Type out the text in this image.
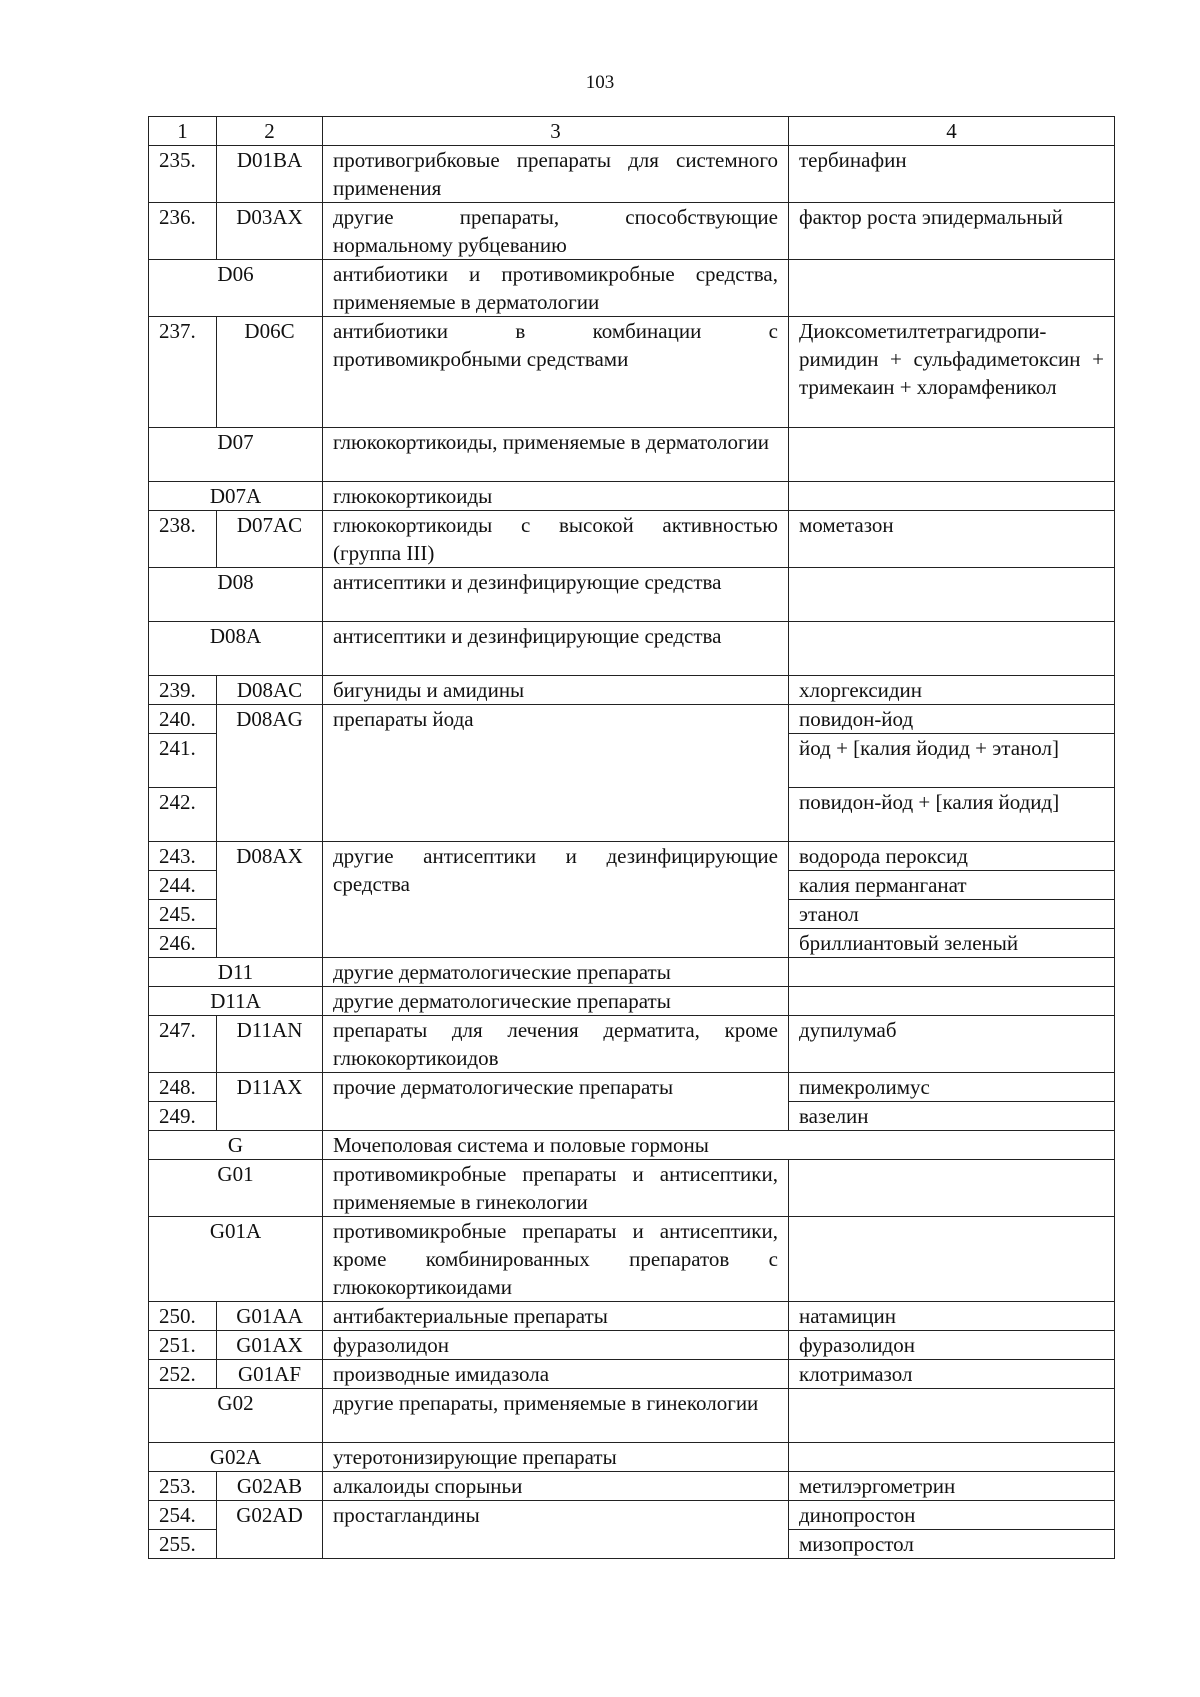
103
1	2	3	4
235.	D01BA	противогрибковые препараты для системного применения	тербинафин
236.	D03AX	другие препараты, способствующие нормальному рубцеванию	фактор роста эпидермальный
D06		антибиотики и противомикробные средства, применяемые в дерматологии	
237.	D06C	антибиотики в комбинации с противомикробными средствами	Диоксометилтетрагидропи-римидин + сульфадиметоксин + тримекаин + хлорамфеникол
D07		глюкокортикоиды, применяемые в дерматологии	
D07A		глюкокортикоиды	
238.	D07AC	глюкокортикоиды с высокой активностью (группа III)	мометазон
D08		антисептики и дезинфицирующие средства	
D08A		антисептики и дезинфицирующие средства	
239.	D08AC	бигуниды и амидины	хлоргексидин
240.	D08AG	препараты йода	повидон-йод
241.			йод + [калия йодид + этанол]
242.			повидон-йод + [калия йодид]
243.	D08AX	другие антисептики и дезинфицирующие средства	водорода пероксид
244.			калия перманганат
245.			этанол
246.			бриллиантовый зеленый
D11		другие дерматологические препараты	
D11A		другие дерматологические препараты	
247.	D11AN	препараты для лечения дерматита, кроме глюкокортикоидов	дупилумаб
248.	D11AX	прочие дерматологические препараты	пимекролимус
249.			вазелин
G		Мочеполовая система и половые гормоны	
G01		противомикробные препараты и антисептики, применяемые в гинекологии	
G01A		противомикробные препараты и антисептики, кроме комбинированных препаратов с глюкокортикоидами	
250.	G01AA	антибактериальные препараты	натамицин
251.	G01AX	фуразолидон	фуразолидон
252.	G01AF	производные имидазола	клотримазол
G02		другие препараты, применяемые в гинекологии	
G02A		утеротонизирующие препараты	
253.	G02AB	алкалоиды спорыньи	метилэргометрин
254.	G02AD	простагландины	динопростон
255.			мизопростол
